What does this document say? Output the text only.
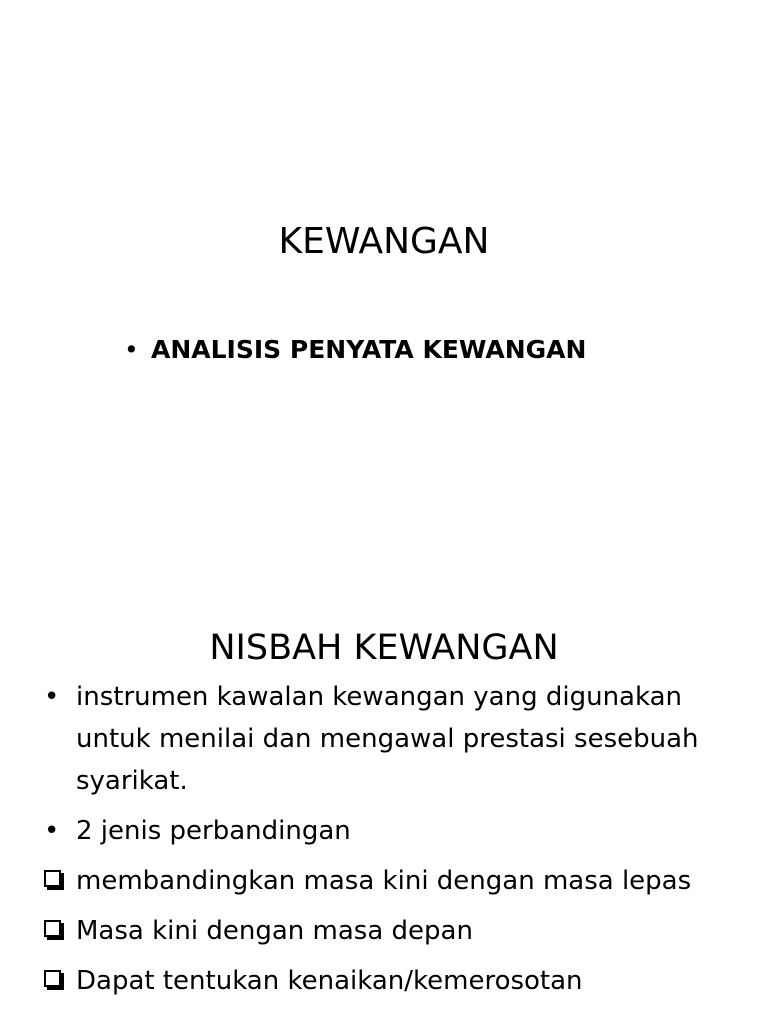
KEWANGAN
• ANALISIS PENYATA KEWANGAN
NISBAH KEWANGAN
• instrumen kawalan kewangan yang digunakan untuk menilai dan mengawal prestasi sesebuah syarikat.
• 2 jenis perbandingan
membandingkan masa kini dengan masa lepas
Masa kini dengan masa depan
Dapat tentukan kenaikan/kemerosotan
